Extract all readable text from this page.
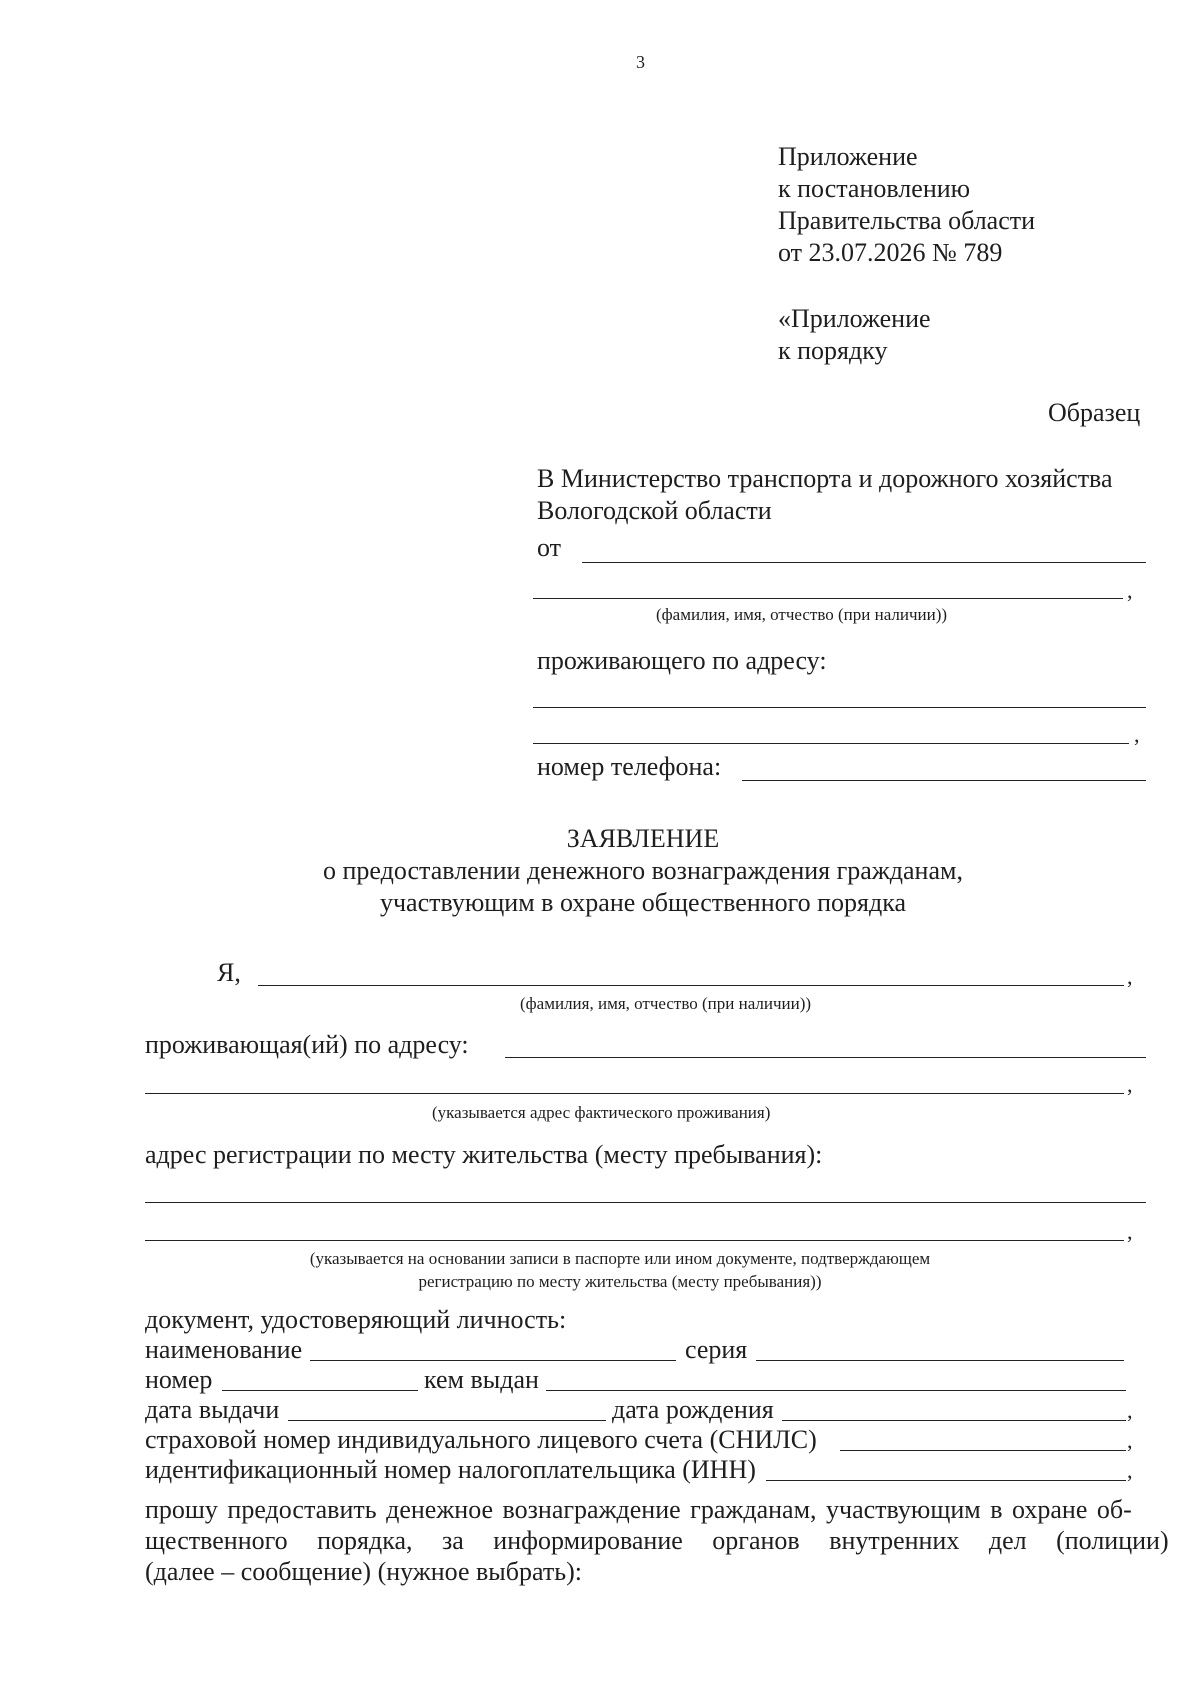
3
Приложение
к постановлению
Правительства области
от 23.07.2026 № 789
«Приложение
к порядку
Образец
В Министерство транспорта и дорожного хозяйства
Вологодской области
от
,
(фамилия, имя, отчество (при наличии))
проживающего по адресу:
,
номер телефона:
ЗАЯВЛЕНИЕ
о предоставлении денежного вознаграждения гражданам,
участвующим в охране общественного порядка
Я,	,
(фамилия, имя, отчество (при наличии))
проживающая(ий) по адресу:
,
(указывается адрес фактического проживания)
адрес регистрации по месту жительства (месту пребывания):
,
(указывается на основании записи в паспорте или ином документе, подтверждающем
регистрацию по месту жительства (месту пребывания))
документ, удостоверяющий личность:
наименование	серия
номер	кем выдан
дата выдачи	дата рождения	,
страховой номер индивидуального лицевого счета (СНИЛС)	,
идентификационный номер налогоплательщика (ИНН)	,
прошу предоставить денежное вознаграждение гражданам, участвующим в охране об-
щественного порядка, за информирование органов внутренних дел (полиции)
(далее – сообщение) (нужное выбрать):
